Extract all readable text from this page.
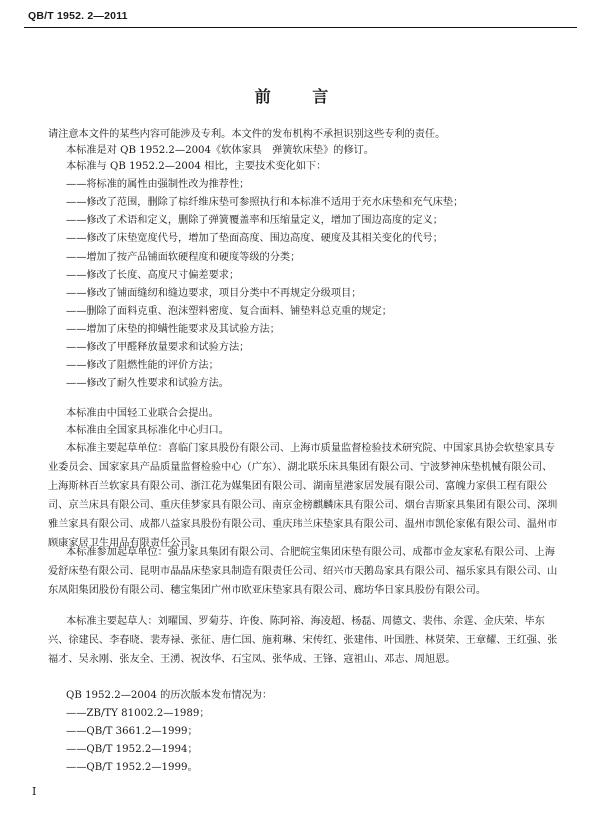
QB/T 1952. 2—2011
前 言
请注意本文件的某些内容可能涉及专利。本文件的发布机构不承担识别这些专利的责任。
本标准是对 QB 1952.2—2004《软体家具　弹簧软床垫》的修订。
本标准与 QB 1952.2—2004 相比，主要技术变化如下：
——将标准的属性由强制性改为推荐性；
——修改了范围，删除了棕纤维床垫可参照执行和本标准不适用于充水床垫和充气床垫；
——修改了术语和定义，删除了弹簧覆盖率和压缩量定义，增加了围边高度的定义；
——修改了床垫宽度代号，增加了垫面高度、围边高度、硬度及其相关变化的代号；
——增加了按产品铺面软硬程度和硬度等级的分类；
——修改了长度、高度尺寸偏差要求；
——修改了铺面缝纫和缝边要求，项目分类中不再规定分级项目；
——删除了面料克重、泡沫塑料密度、复合面料、铺垫料总克重的规定；
——增加了床垫的抑螨性能要求及其试验方法；
——修改了甲醛释放量要求和试验方法；
——修改了阻燃性能的评价方法；
——修改了耐久性要求和试验方法。
本标准由中国轻工业联合会提出。
本标准由全国家具标准化中心归口。
本标准主要起草单位：喜临门家具股份有限公司、上海市质量监督检验技术研究院、中国家具协会软垫家具专业委员会、国家家具产品质量监督检验中心（广东）、湖北联乐床具集团有限公司、宁波梦神床垫机械有限公司、上海斯林百兰软家具有限公司、浙江花为媒集团有限公司、湖南星港家居发展有限公司、富魄力家俱工程有限公司、京兰床具有限公司、重庆佳梦家具有限公司、南京金榜麒麟床具有限公司、烟台吉斯家具集团有限公司、深圳雅兰家具有限公司、成都八益家具股份有限公司、重庆玮兰床垫家具有限公司、温州市凯伦家俬有限公司、温州市顾康家居卫生用品有限责任公司。
本标准参加起草单位：强力家具集团有限公司、合肥皖宝集团床垫有限公司、成都市金友家私有限公司、上海爱舒床垫有限公司、昆明市晶晶床垫家具制造有限责任公司、绍兴市天鹅岛家具有限公司、福乐家具有限公司、山东凤阳集团股份有限公司、穗宝集团广州市欧亚床垫家具有限公司、廊坊华日家具股份有限公司。
本标准主要起草人：刘曜国、罗菊芬、许俊、陈阿裕、海凌超、杨磊、周德文、裴伟、余霆、金庆荣、毕东兴、徐建民、李春晓、裴寿禄、张征、唐仁国、施莉琳、宋传红、张建伟、叶国胜、林贤荣、王章耀、王红强、张福才、吴永刚、张友全、王湧、祝汝华、石宝凤、张华成、王锋、寇祖山、邓志、周旭恩。
QB 1952.2—2004 的历次版本发布情况为：
——ZB/TY 81002.2—1989；
——QB/T 3661.2—1999；
——QB/T 1952.2—1994；
——QB/T 1952.2—1999。
I
